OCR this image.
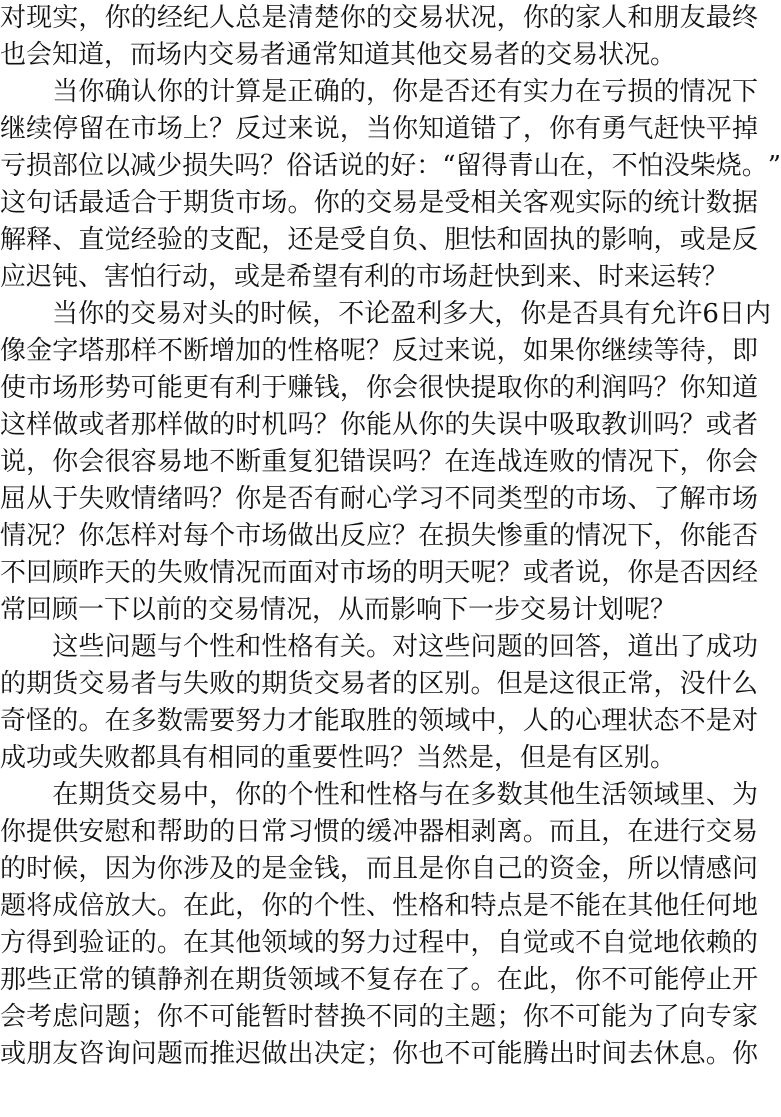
对 现 实 ， 你 的 经 纪 人 总 是 清 楚 你 的 交 易 状 况 ， 你 的 家 人 和 朋 友 最 终
也会知道，而场内交易者通常知道其他交易者的交易状况。

当 你 确 认 你 的 计 算 是 正 确 的 ， 你 是 否 还 有 实 力 在 亏 损 的 情 况 下
继 续 停 留 在 市 场 上 ？ 反 过 来 说 ， 当 你 知 道 错 了 ， 你 有 勇 气 赶 快 平 掉
亏 损 部 位 以 减 少 损 失 吗 ？ 俗 话 说 的 好 ： “ 留 得 青 山 在 ， 不 怕 没 柴 烧 。 ”
这 句 话 最 适 合 于 期 货 市 场 。 你 的 交 易 是 受 相 关 客 观 实 际 的 统 计 数 据
解 释 、 直 觉 经 验 的 支 配 ， 还 是 受 自 负 、 胆 怯 和 固 执 的 影 响 ， 或 是 反
应迟钝、害怕行动，或是希望有利的市场赶快到来、时来运转？

当 你 的 交 易 对 头 的 时 候 ， 不 论 盈 利 多 大 ， 你 是 否 具 有 允 许 6 日 内
像 金 字 塔 那 样 不 断 增 加 的 性 格 呢 ？ 反 过 来 说 ， 如 果 你 继 续 等 待 ， 即
使 市 场 形 势 可 能 更 有 利 于 赚 钱 ， 你 会 很 快 提 取 你 的 利 润 吗 ？ 你 知 道
这 样 做 或 者 那 样 做 的 时 机 吗 ？ 你 能 从 你 的 失 误 中 吸 取 教 训 吗 ？ 或 者
说 ， 你 会 很 容 易 地 不 断 重 复 犯 错 误 吗 ？ 在 连 战 连 败 的 情 况 下 ， 你 会
屈 从 于 失 败 情 绪 吗 ？ 你 是 否 有 耐 心 学 习 不 同 类 型 的 市 场 、 了 解 市 场
情 况 ？ 你 怎 样 对 每 个 市 场 做 出 反 应 ？ 在 损 失 惨 重 的 情 况 下 ， 你 能 否
不 回 顾 昨 天 的 失 败 情 况 而 面 对 市 场 的 明 天 呢 ？ 或 者 说 ， 你 是 否 因 经
常回顾一下以前的交易情况，从而影响下一步交易计划呢？

这 些 问 题 与 个 性 和 性 格 有 关 。 对 这 些 问 题 的 回 答 ， 道 出 了 成 功
的 期 货 交 易 者 与 失 败 的 期 货 交 易 者 的 区 别 。 但 是 这 很 正 常 ， 没 什 么
奇 怪 的 。 在 多 数 需 要 努 力 才 能 取 胜 的 领 域 中 ， 人 的 心 理 状 态 不 是 对
成功或失败都具有相同的重要性吗？当然是，但是有区别。

在 期 货 交 易 中 ， 你 的 个 性 和 性 格 与 在 多 数 其 他 生 活 领 域 里 、 为
你 提 供 安 慰 和 帮 助 的 日 常 习 惯 的 缓 冲 器 相 剥 离 。 而 且 ， 在 进 行 交 易
的 时 候 ， 因 为 你 涉 及 的 是 金 钱 ， 而 且 是 你 自 己 的 资 金 ， 所 以 情 感 问
题 将 成 倍 放 大 。 在 此 ， 你 的 个 性 、 性 格 和 特 点 是 不 能 在 其 他 任 何 地
方 得 到 验 证 的 。 在 其 他 领 域 的 努 力 过 程 中 ， 自 觉 或 不 自 觉 地 依 赖 的
那 些 正 常 的 镇 静 剂 在 期 货 领 域 不 复 存 在 了 。 在 此 ， 你 不 可 能 停 止 开
会 考 虑 问 题 ； 你 不 可 能 暂 时 替 换 不 同 的 主 题 ； 你 不 可 能 为 了 向 专 家
或 朋 友 咨 询 问 题 而 推 迟 做 出 决 定 ； 你 也 不 可 能 腾 出 时 间 去 休 息 。 你
